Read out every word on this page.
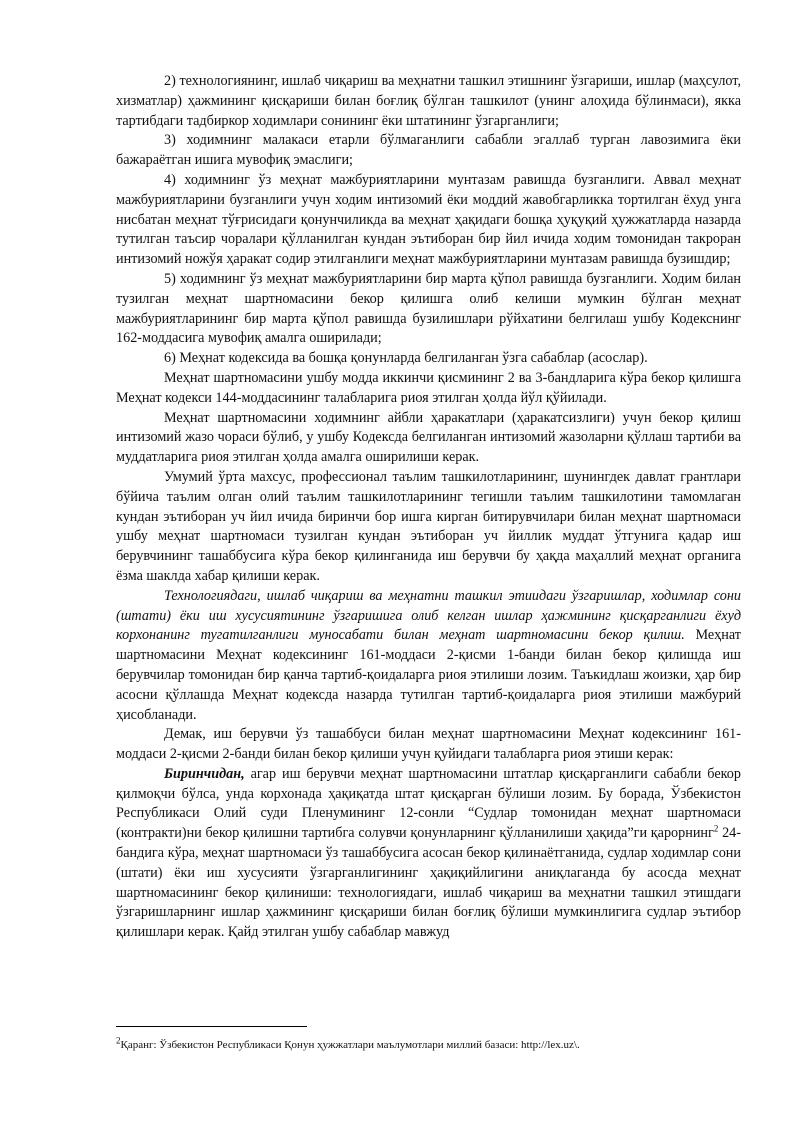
2) технологиянинг, ишлаб чиқариш ва меҳнатни ташкил этишнинг ўзгариши, ишлар (маҳсулот, хизматлар) ҳажмининг қисқариши билан боғлиқ бўлган ташкилот (унинг алоҳида бўлинмаси), якка тартибдаги тадбиркор ходимлари сонининг ёки штатининг ўзгарганлиги;

3) ходимнинг малакаси етарли бўлмаганлиги сабабли эгаллаб турган лавозимига ёки бажараётган ишига мувофиқ эмаслиги;

4) ходимнинг ўз меҳнат мажбуриятларини мунтазам равишда бузганлиги. Аввал меҳнат мажбуриятларини бузганлиги учун ходим интизомий ёки моддий жавобгарликка тортилган ёхуд унга нисбатан меҳнат тўғрисидаги қонунчиликда ва меҳнат ҳақидаги бошқа ҳуқуқий ҳужжатларда назарда тутилган таъсир чоралари қўлланилган кундан эътиборан бир йил ичида ходим томонидан такроран интизомий ножўя ҳаракат содир этилганлиги меҳнат мажбуриятларини мунтазам равишда бузишдир;

5) ходимнинг ўз меҳнат мажбуриятларини бир марта қўпол равишда бузганлиги. Ходим билан тузилган меҳнат шартномасини бекор қилишга олиб келиши мумкин бўлган меҳнат мажбуриятларининг бир марта қўпол равишда бузилишлари рўйхатини белгилаш ушбу Кодекснинг 162-моддасига мувофиқ амалга оширилади;

6) Меҳнат кодексида ва бошқа қонунларда белгиланган ўзга сабаблар (асослар).

Меҳнат шартномасини ушбу модда иккинчи қисмининг 2 ва 3-бандларига кўра бекор қилишга Меҳнат кодекси 144-моддасининг талабларига риоя этилган ҳолда йўл қўйилади.

Меҳнат шартномасини ходимнинг айбли ҳаракатлари (ҳаракатсизлиги) учун бекор қилиш интизомий жазо чораси бўлиб, у ушбу Кодексда белгиланган интизомий жазоларни қўллаш тартиби ва муддатларига риоя этилган ҳолда амалга оширилиши керак.

Умумий ўрта махсус, профессионал таълим ташкилотларининг, шунингдек давлат грантлари бўйича таълим олган олий таълим ташкилотларининг тегишли таълим ташкилотини тамомлаган кундан эътиборан уч йил ичида биринчи бор ишга кирган битирувчилари билан меҳнат шартномаси ушбу меҳнат шартномаси тузилган кундан эътиборан уч йиллик муддат ўтгунига қадар иш берувчининг ташаббусига кўра бекор қилинганида иш берувчи бу ҳақда маҳаллий меҳнат органига ёзма шаклда хабар қилиши керак.

Технологиядаги, ишлаб чиқариш ва меҳнатни ташкил этиидаги ўзгаришлар, ходимлар сони (штати) ёки иш хусусиятининг ўзгаришига олиб келган ишлар ҳажмининг қисқарганлиги ёхуд корхонанинг тугатилганлиги муносабати билан меҳнат шартномасини бекор қилиш. Меҳнат шартномасини Меҳнат кодексининг 161-моддаси 2-қисми 1-банди билан бекор қилишда иш берувчилар томонидан бир қанча тартиб-қоидаларга риоя этилиши лозим. Таъкидлаш жоизки, ҳар бир асосни қўллашда Меҳнат кодексда назарда тутилган тартиб-қоидаларга риоя этилиши мажбурий ҳисобланади.

Демак, иш берувчи ўз ташаббуси билан меҳнат шартномасини Меҳнат кодексининг 161-моддаси 2-қисми 2-банди билан бекор қилиши учун қуйидаги талабларга риоя этиши керак:

Биринчидан, агар иш берувчи меҳнат шартномасини штатлар қисқарганлиги сабабли бекор қилмоқчи бўлса, унда корхонада ҳақиқатда штат қисқарган бўлиши лозим. Бу борада, Ўзбекистон Республикаси Олий суди Пленумининг 12-сонли “Судлар томонидан меҳнат шартномаси (контракти)ни бекор қилишни тартибга солувчи қонунларнинг қўлланилиши ҳақида”ги қарорнинг$^2$ 24-бандига кўра, меҳнат шартномаси ўз ташаббусига асосан бекор қилинаётганида, судлар ходимлар сони (штати) ёки иш хусусияти ўзгарганлигининг ҳақиқийлигини аниқлаганда бу асосда меҳнат шартномасининг бекор қилиниши: технологиядаги, ишлаб чиқариш ва меҳнатни ташкил этишдаги ўзгаришларнинг ишлар ҳажмининг қисқариши билан боғлиқ бўлиши мумкинлигига судлар эътибор қилишлари керак. Қайд этилган ушбу сабаблар мавжуд

$^2$Қаранг: Ўзбекистон Республикаси Қонун ҳужжатлари маълумотлари миллий базаси: http://lex.uz\.
